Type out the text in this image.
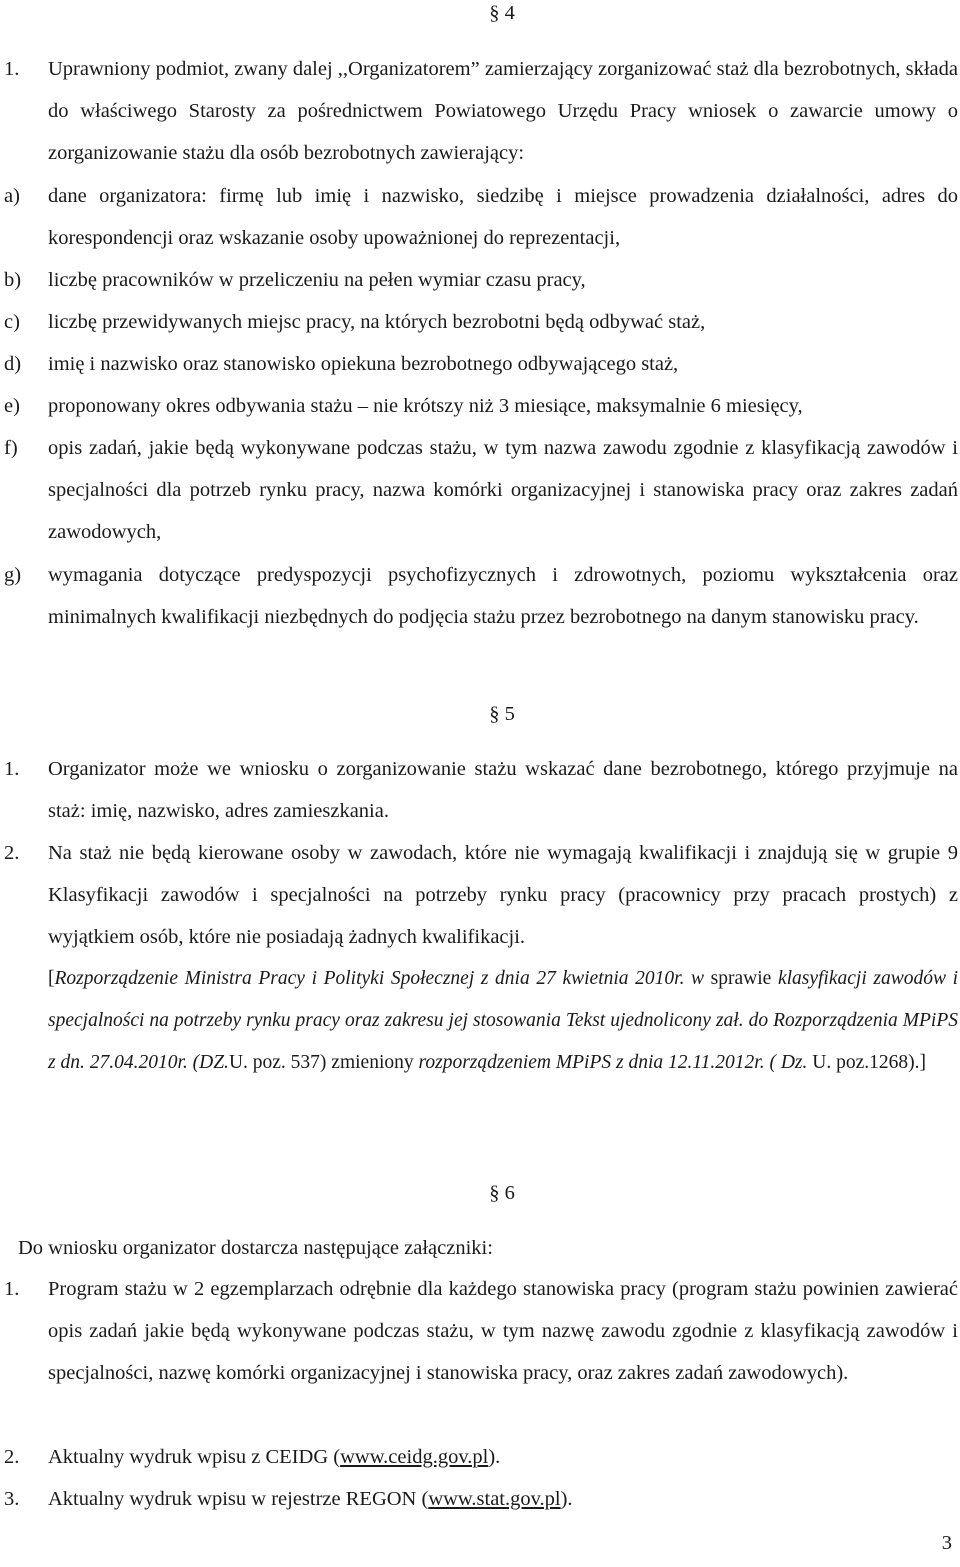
§ 4
1. Uprawniony podmiot, zwany dalej ,,Organizatorem” zamierzający zorganizować staż dla bezrobotnych, składa do właściwego Starosty za pośrednictwem Powiatowego Urzędu Pracy wniosek o zawarcie umowy o zorganizowanie stażu dla osób bezrobotnych zawierający:
a) dane organizatora: firmę lub imię i nazwisko, siedzibę i miejsce prowadzenia działalności, adres do korespondencji oraz wskazanie osoby upoważnionej do reprezentacji,
b) liczbę pracowników w przeliczeniu na pełen wymiar czasu pracy,
c) liczbę przewidywanych miejsc pracy, na których bezrobotni będą odbywać staż,
d) imię i nazwisko oraz stanowisko opiekuna bezrobotnego odbywającego staż,
e) proponowany okres odbywania stażu – nie krótszy niż 3 miesiące, maksymalnie 6 miesięcy,
f) opis zadań, jakie będą wykonywane podczas stażu, w tym nazwa zawodu zgodnie z klasyfikacją zawodów i specjalności dla potrzeb rynku pracy, nazwa komórki organizacyjnej i stanowiska pracy oraz zakres zadań zawodowych,
g) wymagania dotyczące predyspozycji psychofizycznych i zdrowotnych, poziomu wykształcenia oraz minimalnych kwalifikacji niezbędnych do podjęcia stażu przez bezrobotnego na danym stanowisku pracy.
§ 5
1. Organizator może we wniosku o zorganizowanie stażu wskazać dane bezrobotnego, którego przyjmuje na staż: imię, nazwisko, adres zamieszkania.
2. Na staż nie będą kierowane osoby w zawodach, które nie wymagają kwalifikacji i znajdują się w grupie 9 Klasyfikacji zawodów i specjalności na potrzeby rynku pracy (pracownicy przy pracach prostych) z wyjątkiem osób, które nie posiadają żadnych kwalifikacji.
[Rozporządzenie Ministra Pracy i Polityki Społecznej z dnia 27 kwietnia 2010r. w sprawie klasyfikacji zawodów i specjalności na potrzeby rynku pracy oraz zakresu jej stosowania Tekst ujednolicony zał. do Rozporządzenia MPiPS z dn. 27.04.2010r. (DZ.U. poz. 537) zmieniony rozporządzeniem MPiPS z dnia 12.11.2012r. ( Dz. U. poz.1268).]
§ 6
Do wniosku organizator dostarcza następujące załączniki:
1. Program stażu w 2 egzemplarzach odrębnie dla każdego stanowiska pracy (program stażu powinien zawierać opis zadań jakie będą wykonywane podczas stażu, w tym nazwę zawodu zgodnie z klasyfikacją zawodów i specjalności, nazwę komórki organizacyjnej i stanowiska pracy, oraz zakres zadań zawodowych).
2. Aktualny wydruk wpisu z CEIDG (www.ceidg.gov.pl).
3. Aktualny wydruk wpisu w rejestrze REGON (www.stat.gov.pl).
3
